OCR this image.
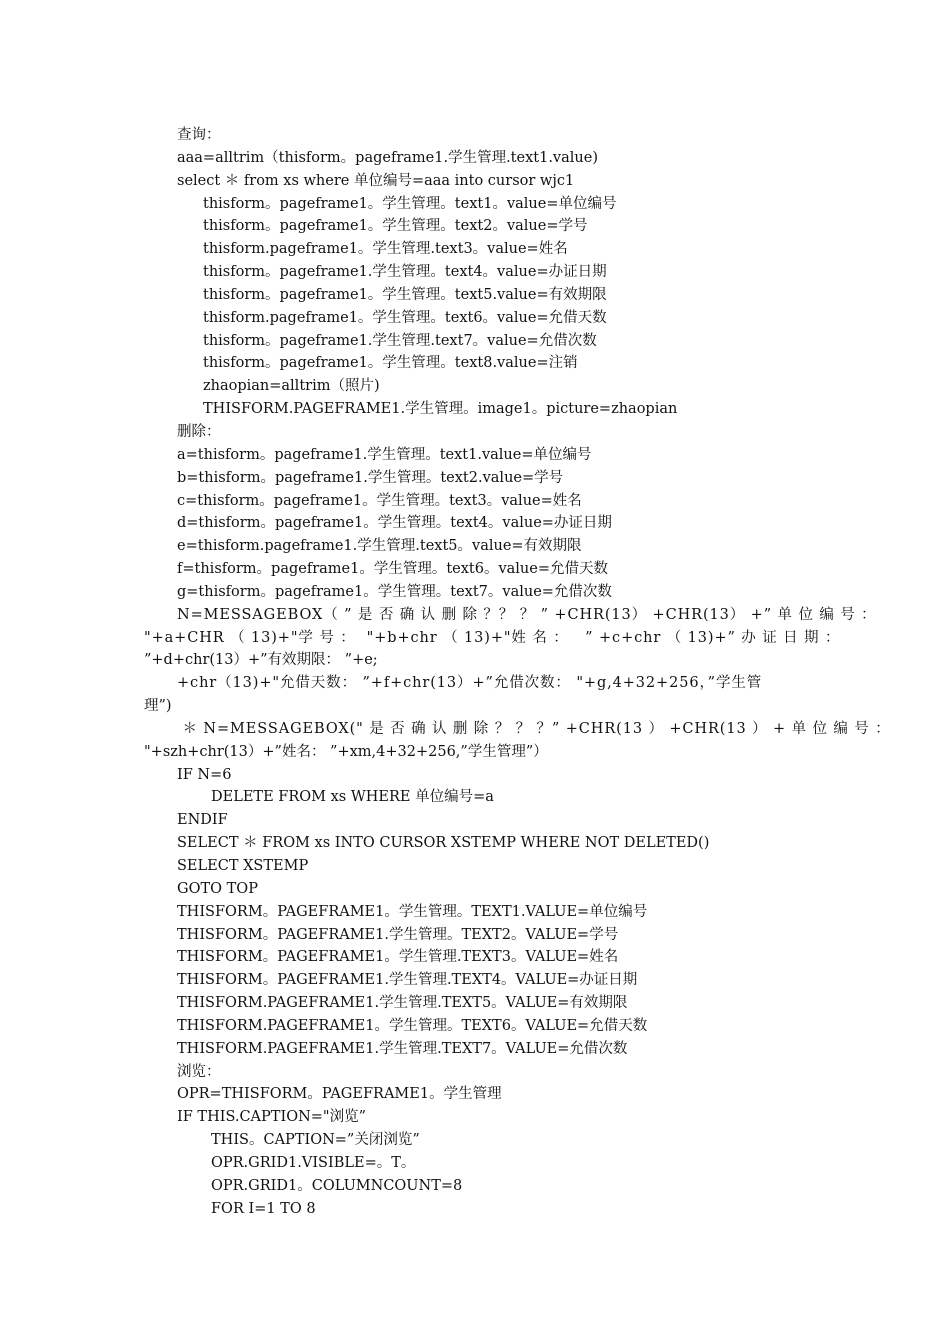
查询：
aaa=alltrim（thisform。pageframe1.学生管理.text1.value)
select ＊ from xs where 单位编号=aaa into cursor wjc1
thisform。pageframe1。学生管理。text1。value=单位编号
thisform。pageframe1。学生管理。text2。value=学号
thisform.pageframe1。学生管理.text3。value=姓名
thisform。pageframe1.学生管理。text4。value=办证日期
thisform。pageframe1。学生管理。text5.value=有效期限
thisform.pageframe1。学生管理。text6。value=允借天数
thisform。pageframe1.学生管理.text7。value=允借次数
thisform。pageframe1。学生管理。text8.value=注销
zhaopian=alltrim（照片)
THISFORM.PAGEFRAME1.学生管理。image1。picture=zhaopian
删除：
a=thisform。pageframe1.学生管理。text1.value=单位编号
b=thisform。pageframe1.学生管理。text2.value=学号
c=thisform。pageframe1。学生管理。text3。value=姓名
d=thisform。pageframe1。学生管理。text4。value=办证日期
e=thisform.pageframe1.学生管理.text5。value=有效期限
f=thisform。pageframe1。学生管理。text6。value=允借天数
g=thisform。pageframe1。学生管理。text7。value=允借次数
N=MESSAGEBOX（ ” 是 否 确 认 删 除 ？？ ？ ” +CHR(13） +CHR(13） +” 单 位 编 号 ：
"+a+CHR （ 13)+"学 号 ：  "+b+chr （ 13)+"姓 名 ：   ” +c+chr （ 13)+” 办 证 日 期 ：
”+d+chr(13）+”有效期限： ”+e;
+chr（13)+"允借天数： ”+f+chr(13）+”允借次数： "+g,4+32+256，”学生管
理”)
＊ N=MESSAGEBOX(" 是 否 确 认 删 除 ？ ？ ？” +CHR(13 ） +CHR(13 ） + 单 位 编 号 ：
"+szh+chr(13）+”姓名： ”+xm,4+32+256,”学生管理”）
IF N=6
DELETE FROM xs WHERE 单位编号=a
ENDIF
SELECT ＊ FROM xs INTO CURSOR XSTEMP WHERE NOT DELETED()
SELECT XSTEMP
GOTO TOP
THISFORM。PAGEFRAME1。学生管理。TEXT1.VALUE=单位编号
THISFORM。PAGEFRAME1.学生管理。TEXT2。VALUE=学号
THISFORM。PAGEFRAME1。学生管理.TEXT3。VALUE=姓名
THISFORM。PAGEFRAME1.学生管理.TEXT4。VALUE=办证日期
THISFORM.PAGEFRAME1.学生管理.TEXT5。VALUE=有效期限
THISFORM.PAGEFRAME1。学生管理。TEXT6。VALUE=允借天数
THISFORM.PAGEFRAME1.学生管理.TEXT7。VALUE=允借次数
浏览：
OPR=THISFORM。PAGEFRAME1。学生管理
IF THIS.CAPTION="浏览”
THIS。CAPTION=”关闭浏览”
OPR.GRID1.VISIBLE=。T。
OPR.GRID1。COLUMNCOUNT=8
FOR I=1 TO 8
